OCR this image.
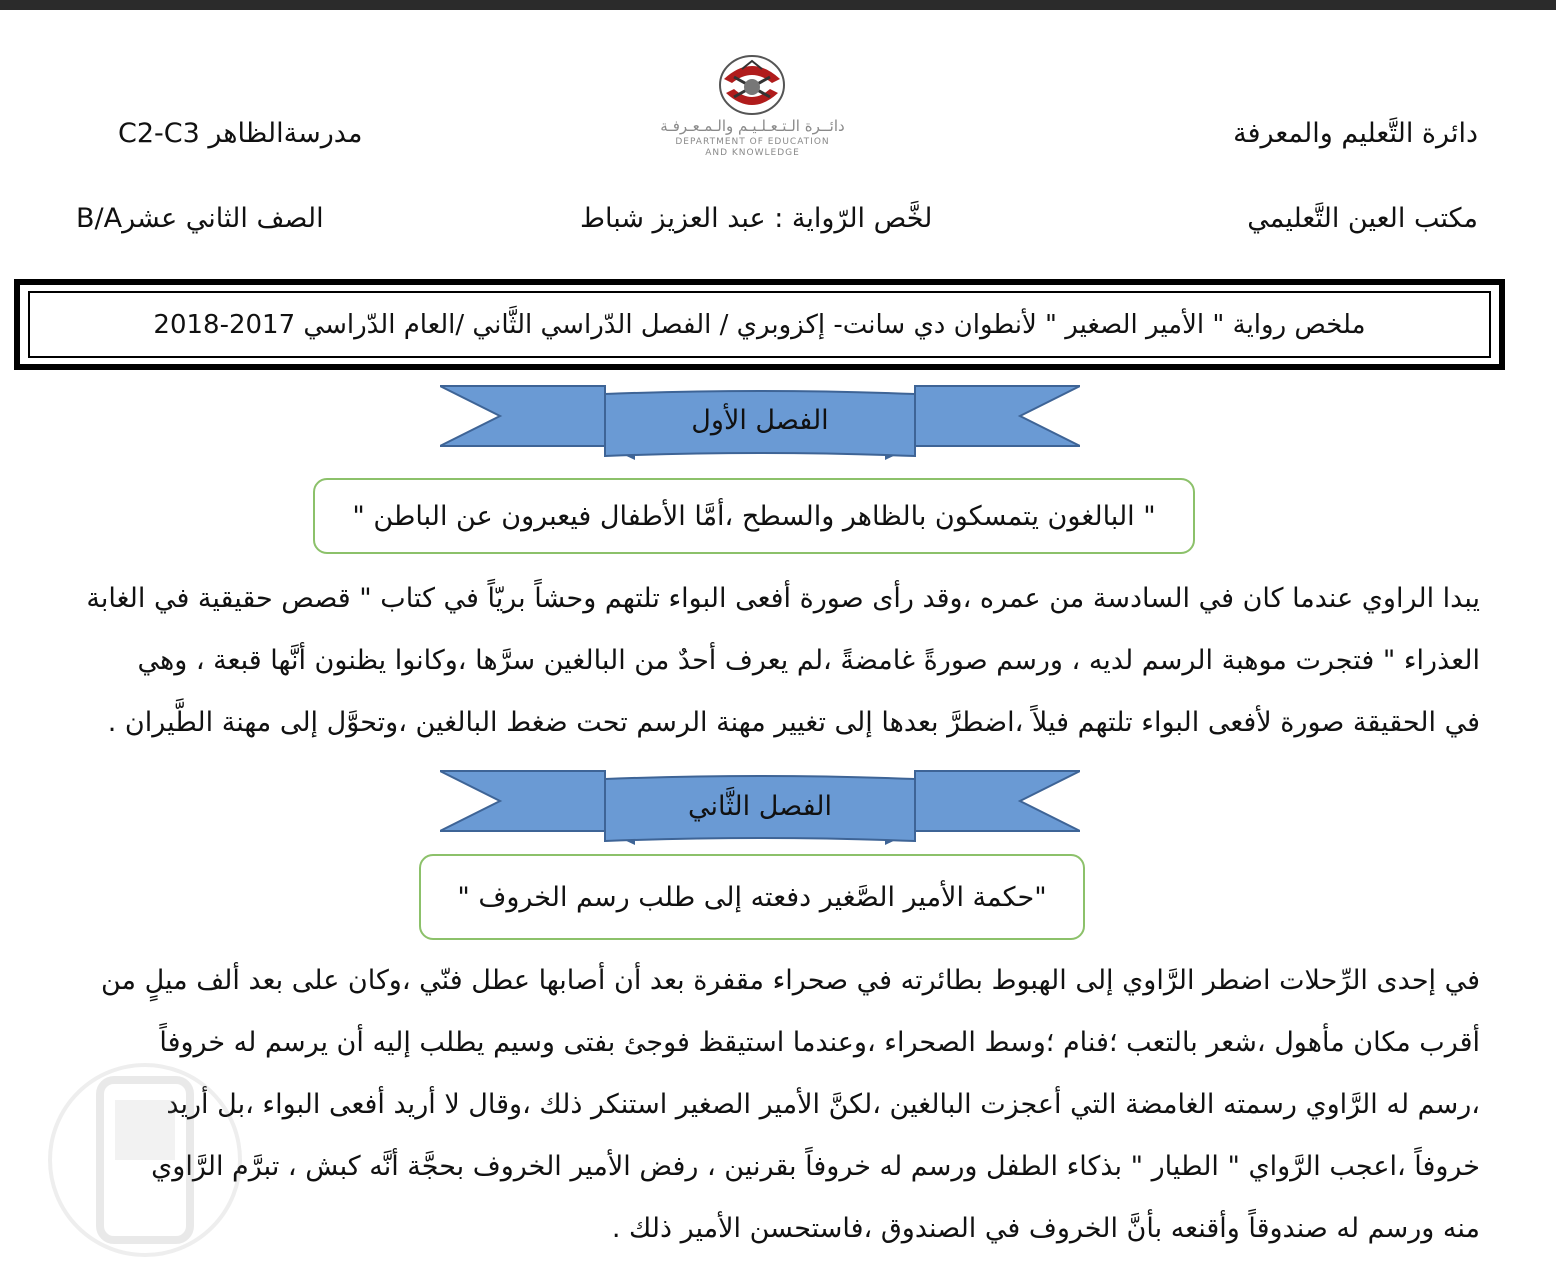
دائرة التَّعليم والمعرفة
مكتب العين التَّعليمي
مدرسةالظاهر C2-C3
الصف الثاني عشرB/A	لخَّص الرّواية : عبد العزيز شباط
دائــرة الـتـعـلـيـم والـمـعـرفـة
DEPARTMENT OF EDUCATION
AND KNOWLEDGE
ملخص رواية " الأمير الصغير " لأنطوان دي سانت- إكزوبري / الفصل الدّراسي الثَّاني /العام الدّراسي 2017-2018
الفصل الأول
" البالغون يتمسكون بالظاهر والسطح ،أمَّا الأطفال فيعبرون عن الباطن "
يبدا الراوي عندما كان في السادسة من عمره ،وقد رأى صورة أفعى البواء تلتهم وحشاً بريّاً في كتاب " قصص حقيقية في الغابة
العذراء " فتجرت موهبة الرسم لديه ، ورسم صورةً غامضةً ،لم يعرف أحدٌ من البالغين سرَّها ،وكانوا يظنون أنَّها قبعة ، وهي
في الحقيقة صورة لأفعى البواء تلتهم فيلاً ،اضطرَّ بعدها إلى تغيير مهنة الرسم تحت ضغط البالغين ،وتحوَّل إلى مهنة الطَّيران .
الفصل الثَّاني
"حكمة الأمير الصَّغير دفعته إلى طلب رسم الخروف "
في إحدى الرِّحلات اضطر الرَّاوي إلى الهبوط بطائرته في صحراء مقفرة بعد أن أصابها عطل فنّي ،وكان على بعد ألف ميلٍ من
أقرب مكان مأهول ،شعر بالتعب ؛فنام ؛وسط الصحراء ،وعندما استيقظ فوجئ بفتى وسيم يطلب إليه أن يرسم له خروفاً
،رسم له الرَّاوي رسمته الغامضة التي أعجزت البالغين ،لكنَّ الأمير الصغير استنكر ذلك ،وقال لا أريد أفعى البواء ،بل أريد
خروفاً ،اعجب الرَّواي " الطيار " بذكاء الطفل ورسم له خروفاً بقرنين ، رفض الأمير الخروف بحجَّة أنَّه كبش ، تبرَّم الرَّاوي
منه ورسم له صندوقاً وأقنعه بأنَّ الخروف في الصندوق ،فاستحسن الأمير ذلك .
